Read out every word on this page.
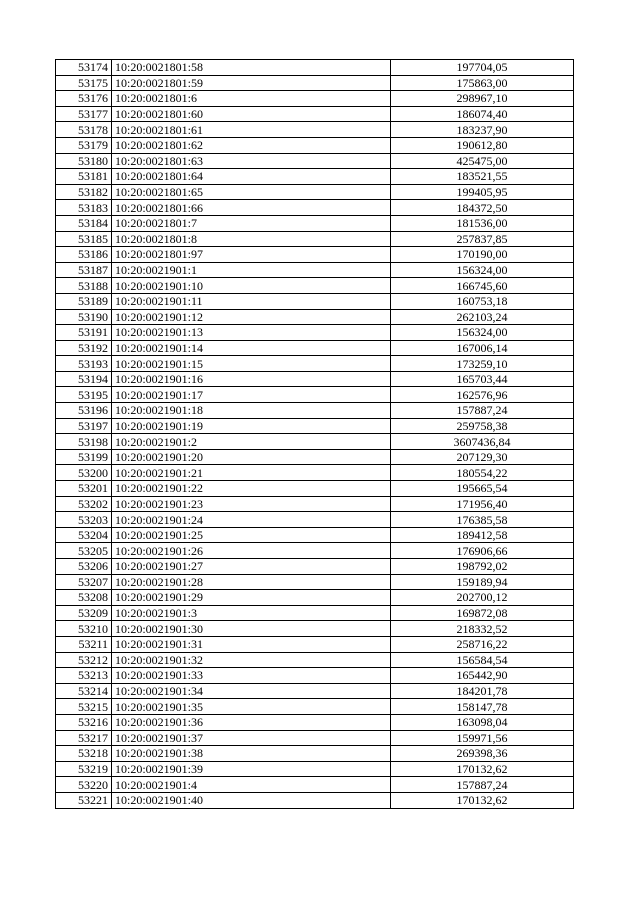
53174	10:20:0021801:58	197704,05
53175	10:20:0021801:59	175863,00
53176	10:20:0021801:6	298967,10
53177	10:20:0021801:60	186074,40
53178	10:20:0021801:61	183237,90
53179	10:20:0021801:62	190612,80
53180	10:20:0021801:63	425475,00
53181	10:20:0021801:64	183521,55
53182	10:20:0021801:65	199405,95
53183	10:20:0021801:66	184372,50
53184	10:20:0021801:7	181536,00
53185	10:20:0021801:8	257837,85
53186	10:20:0021801:97	170190,00
53187	10:20:0021901:1	156324,00
53188	10:20:0021901:10	166745,60
53189	10:20:0021901:11	160753,18
53190	10:20:0021901:12	262103,24
53191	10:20:0021901:13	156324,00
53192	10:20:0021901:14	167006,14
53193	10:20:0021901:15	173259,10
53194	10:20:0021901:16	165703,44
53195	10:20:0021901:17	162576,96
53196	10:20:0021901:18	157887,24
53197	10:20:0021901:19	259758,38
53198	10:20:0021901:2	3607436,84
53199	10:20:0021901:20	207129,30
53200	10:20:0021901:21	180554,22
53201	10:20:0021901:22	195665,54
53202	10:20:0021901:23	171956,40
53203	10:20:0021901:24	176385,58
53204	10:20:0021901:25	189412,58
53205	10:20:0021901:26	176906,66
53206	10:20:0021901:27	198792,02
53207	10:20:0021901:28	159189,94
53208	10:20:0021901:29	202700,12
53209	10:20:0021901:3	169872,08
53210	10:20:0021901:30	218332,52
53211	10:20:0021901:31	258716,22
53212	10:20:0021901:32	156584,54
53213	10:20:0021901:33	165442,90
53214	10:20:0021901:34	184201,78
53215	10:20:0021901:35	158147,78
53216	10:20:0021901:36	163098,04
53217	10:20:0021901:37	159971,56
53218	10:20:0021901:38	269398,36
53219	10:20:0021901:39	170132,62
53220	10:20:0021901:4	157887,24
53221	10:20:0021901:40	170132,62
